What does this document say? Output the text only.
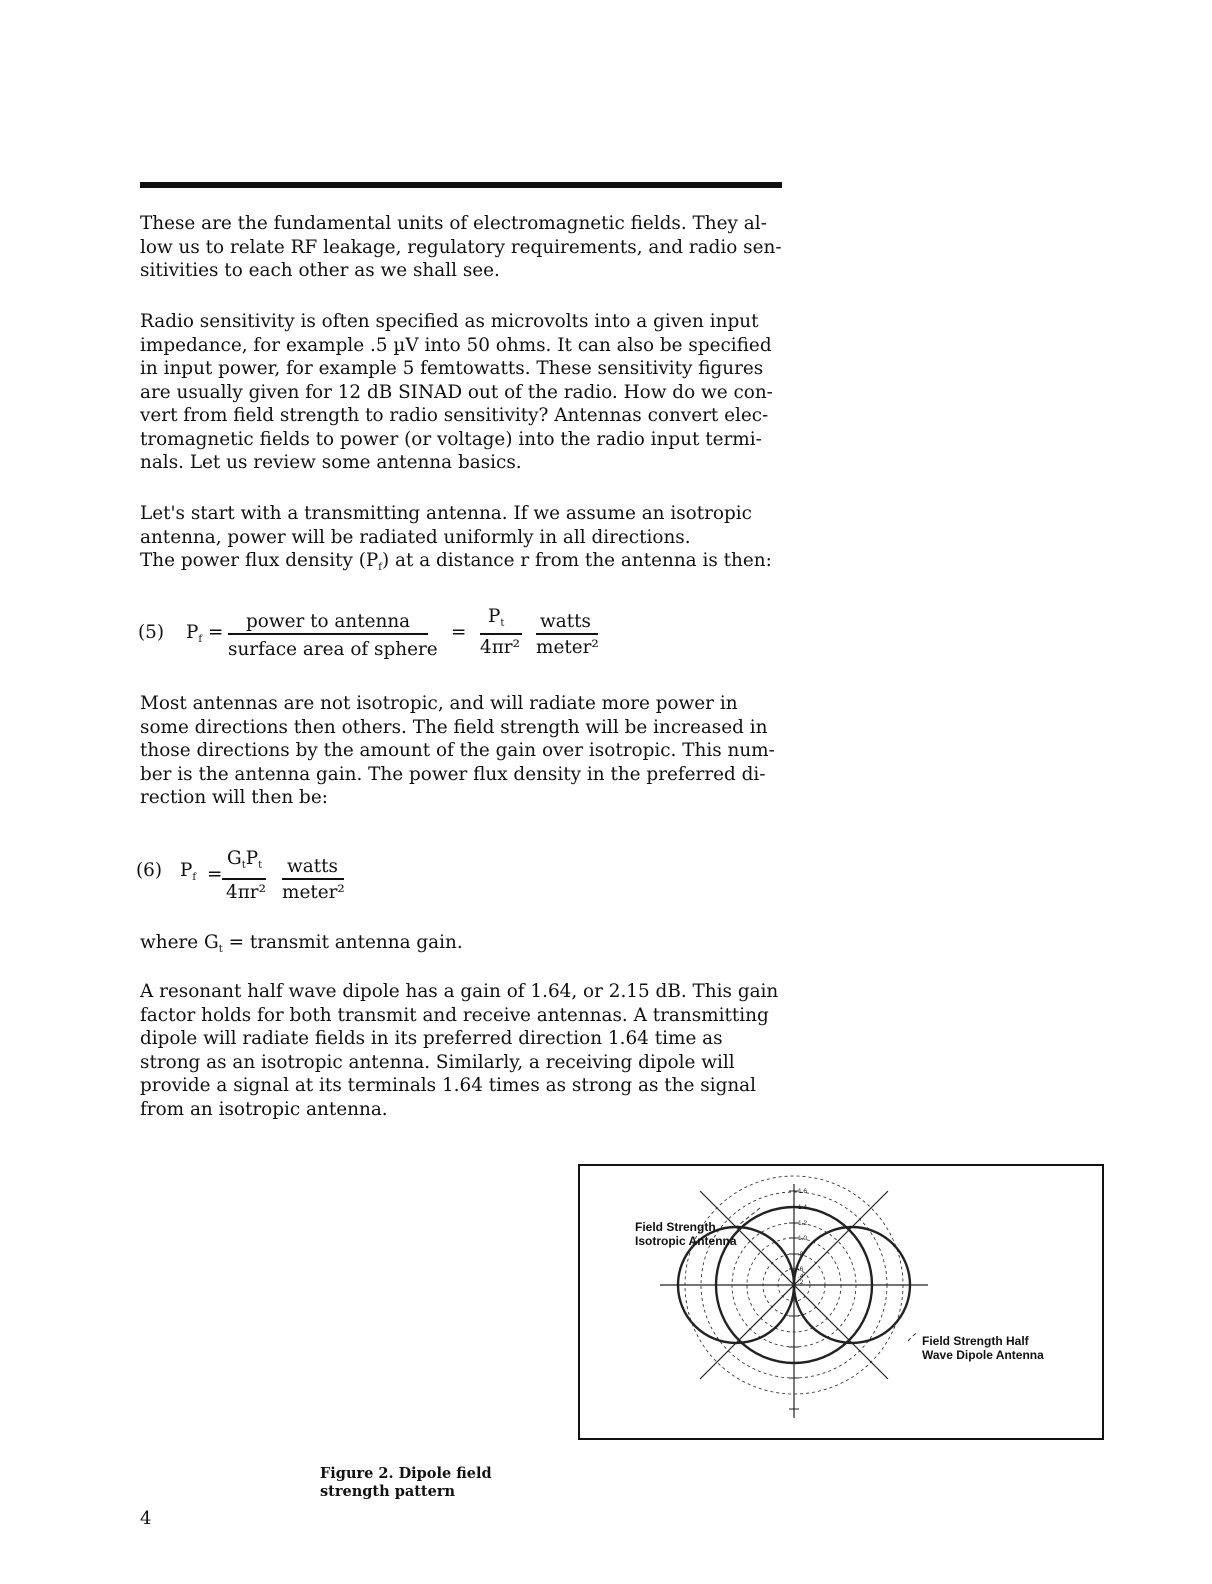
These are the fundamental units of electromagnetic fields. They al-
low us to relate RF leakage, regulatory requirements, and radio sen-
sitivities to each other as we shall see.

Radio sensitivity is often specified as microvolts into a given input
impedance, for example .5 µV into 50 ohms. It can also be specified
in input power, for example 5 femtowatts. These sensitivity figures
are usually given for 12 dB SINAD out of the radio. How do we con-
vert from field strength to radio sensitivity? Antennas convert elec-
tromagnetic fields to power (or voltage) into the radio input termi-
nals. Let us review some antenna basics.

Let's start with a transmitting antenna. If we assume an isotropic
antenna, power will be radiated uniformly in all directions.

The power flux density $(P_f)$ at a distance r from the antenna is then:

(5) $P_f$ =
power to antenna
surface area of sphere
=
$P_t$
4πr²
watts
meter²

Most antennas are not isotropic, and will radiate more power in
some directions then others. The field strength will be increased in
those directions by the amount of the gain over isotropic. This num-
ber is the antenna gain. The power flux density in the preferred di-
rection will then be:

(6) $P_f$ =
$G_tP_t$
4πr²
watts
meter²

where $G_t$ = transmit antenna gain.

A resonant half wave dipole has a gain of 1.64, or 2.15 dB. This gain
factor holds for both transmit and receive antennas. A transmitting
dipole will radiate fields in its preferred direction 1.64 time as
strong as an isotropic antenna. Similarly, a receiving dipole will
provide a signal at its terminals 1.64 times as strong as the signal
from an isotropic antenna.

1.6
1.4
1.2
1.0
.8
.6
.4
.2
Field Strength
Isotropic Antenna
Field Strength Half
Wave Dipole Antenna
Figure 2. Dipole field
strength pattern
4
